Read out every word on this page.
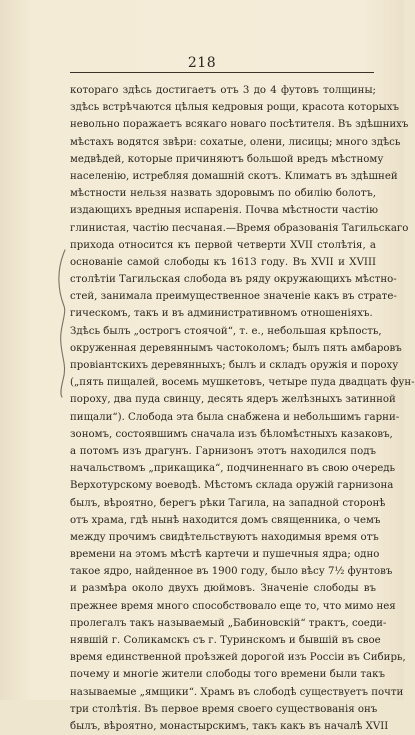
218
котораго здѣсь достигаетъ отъ 3 до 4 футовъ толщины;
здѣсь встрѣчаются цѣлыя кедровыя рощи, красота которыхъ
невольно поражаетъ всякаго новаго посѣтителя. Въ здѣшнихъ
мѣстахъ водятся звѣри: сохатые, олени, лисицы; много здѣсь
медвѣдей, которые причиняютъ большой вредъ мѣстному
населенію, истребляя домашній скотъ. Климатъ въ здѣшней
мѣстности нельзя назвать здоровымъ по обилію болотъ,
издающихъ вредныя испаренія. Почва мѣстности частію
глинистая, частію песчаная.—Время образованія Тагильскаго
прихода относится къ первой четверти XVII столѣтія, а
основаніе самой слободы къ 1613 году. Въ XVII и XVIII
столѣтіи Тагильская слобода въ ряду окружающихъ мѣстно-
стей, занимала преимущественное значеніе какъ въ страте-
гическомъ, такъ и въ административномъ отношеніяхъ.
Здѣсь былъ „острогъ стоячой“, т. е., небольшая крѣпость,
окруженная деревяннымъ частоколомъ; былъ пять амбаровъ
провіантскихъ деревянныхъ; былъ и складъ оружія и пороху
(„пять пищалей, восемь мушкетовъ, четыре пуда двадцать фун-
пороху, два пуда свинцу, десять ядеръ желѣзныхъ затинной
пищали“). Слобода эта была снабжена и небольшимъ гарни-
зономъ, состоявшимъ сначала изъ бѣломѣстныхъ казаковъ,
а потомъ изъ драгунъ. Гарнизонъ этотъ находился подъ
начальствомъ „прикащика“, подчиненнаго въ свою очередь
Верхотурскому воеводѣ. Мѣстомъ склада оружій гарнизона
былъ, вѣроятно, берегъ рѣки Тагила, на западной сторонѣ
отъ храма, гдѣ нынѣ находится домъ священника, о чемъ
между прочимъ свидѣтельствуютъ находимыя время отъ
времени на этомъ мѣстѣ картечи и пушечныя ядра; одно
такое ядро, найденное въ 1900 году, было вѣсу 7½ фунтовъ
и размѣра около двухъ дюймовъ. Значеніе слободы въ
прежнее время много способствовало еще то, что мимо нея
пролегалъ такъ называемый „Бабиновскій“ трактъ, соеди-
нявшій г. Соликамскъ съ г. Туринскомъ и бывшій въ свое
время единственной проѣзжей дорогой изъ Россіи въ Сибирь,
почему и многіе жители слободы того времени были такъ
называемые „ямщики“. Храмъ въ слободѣ существуетъ почти
три столѣтія. Въ первое время своего существованія онъ
былъ, вѣроятно, монастырскимъ, такъ какъ въ началѣ XVII
